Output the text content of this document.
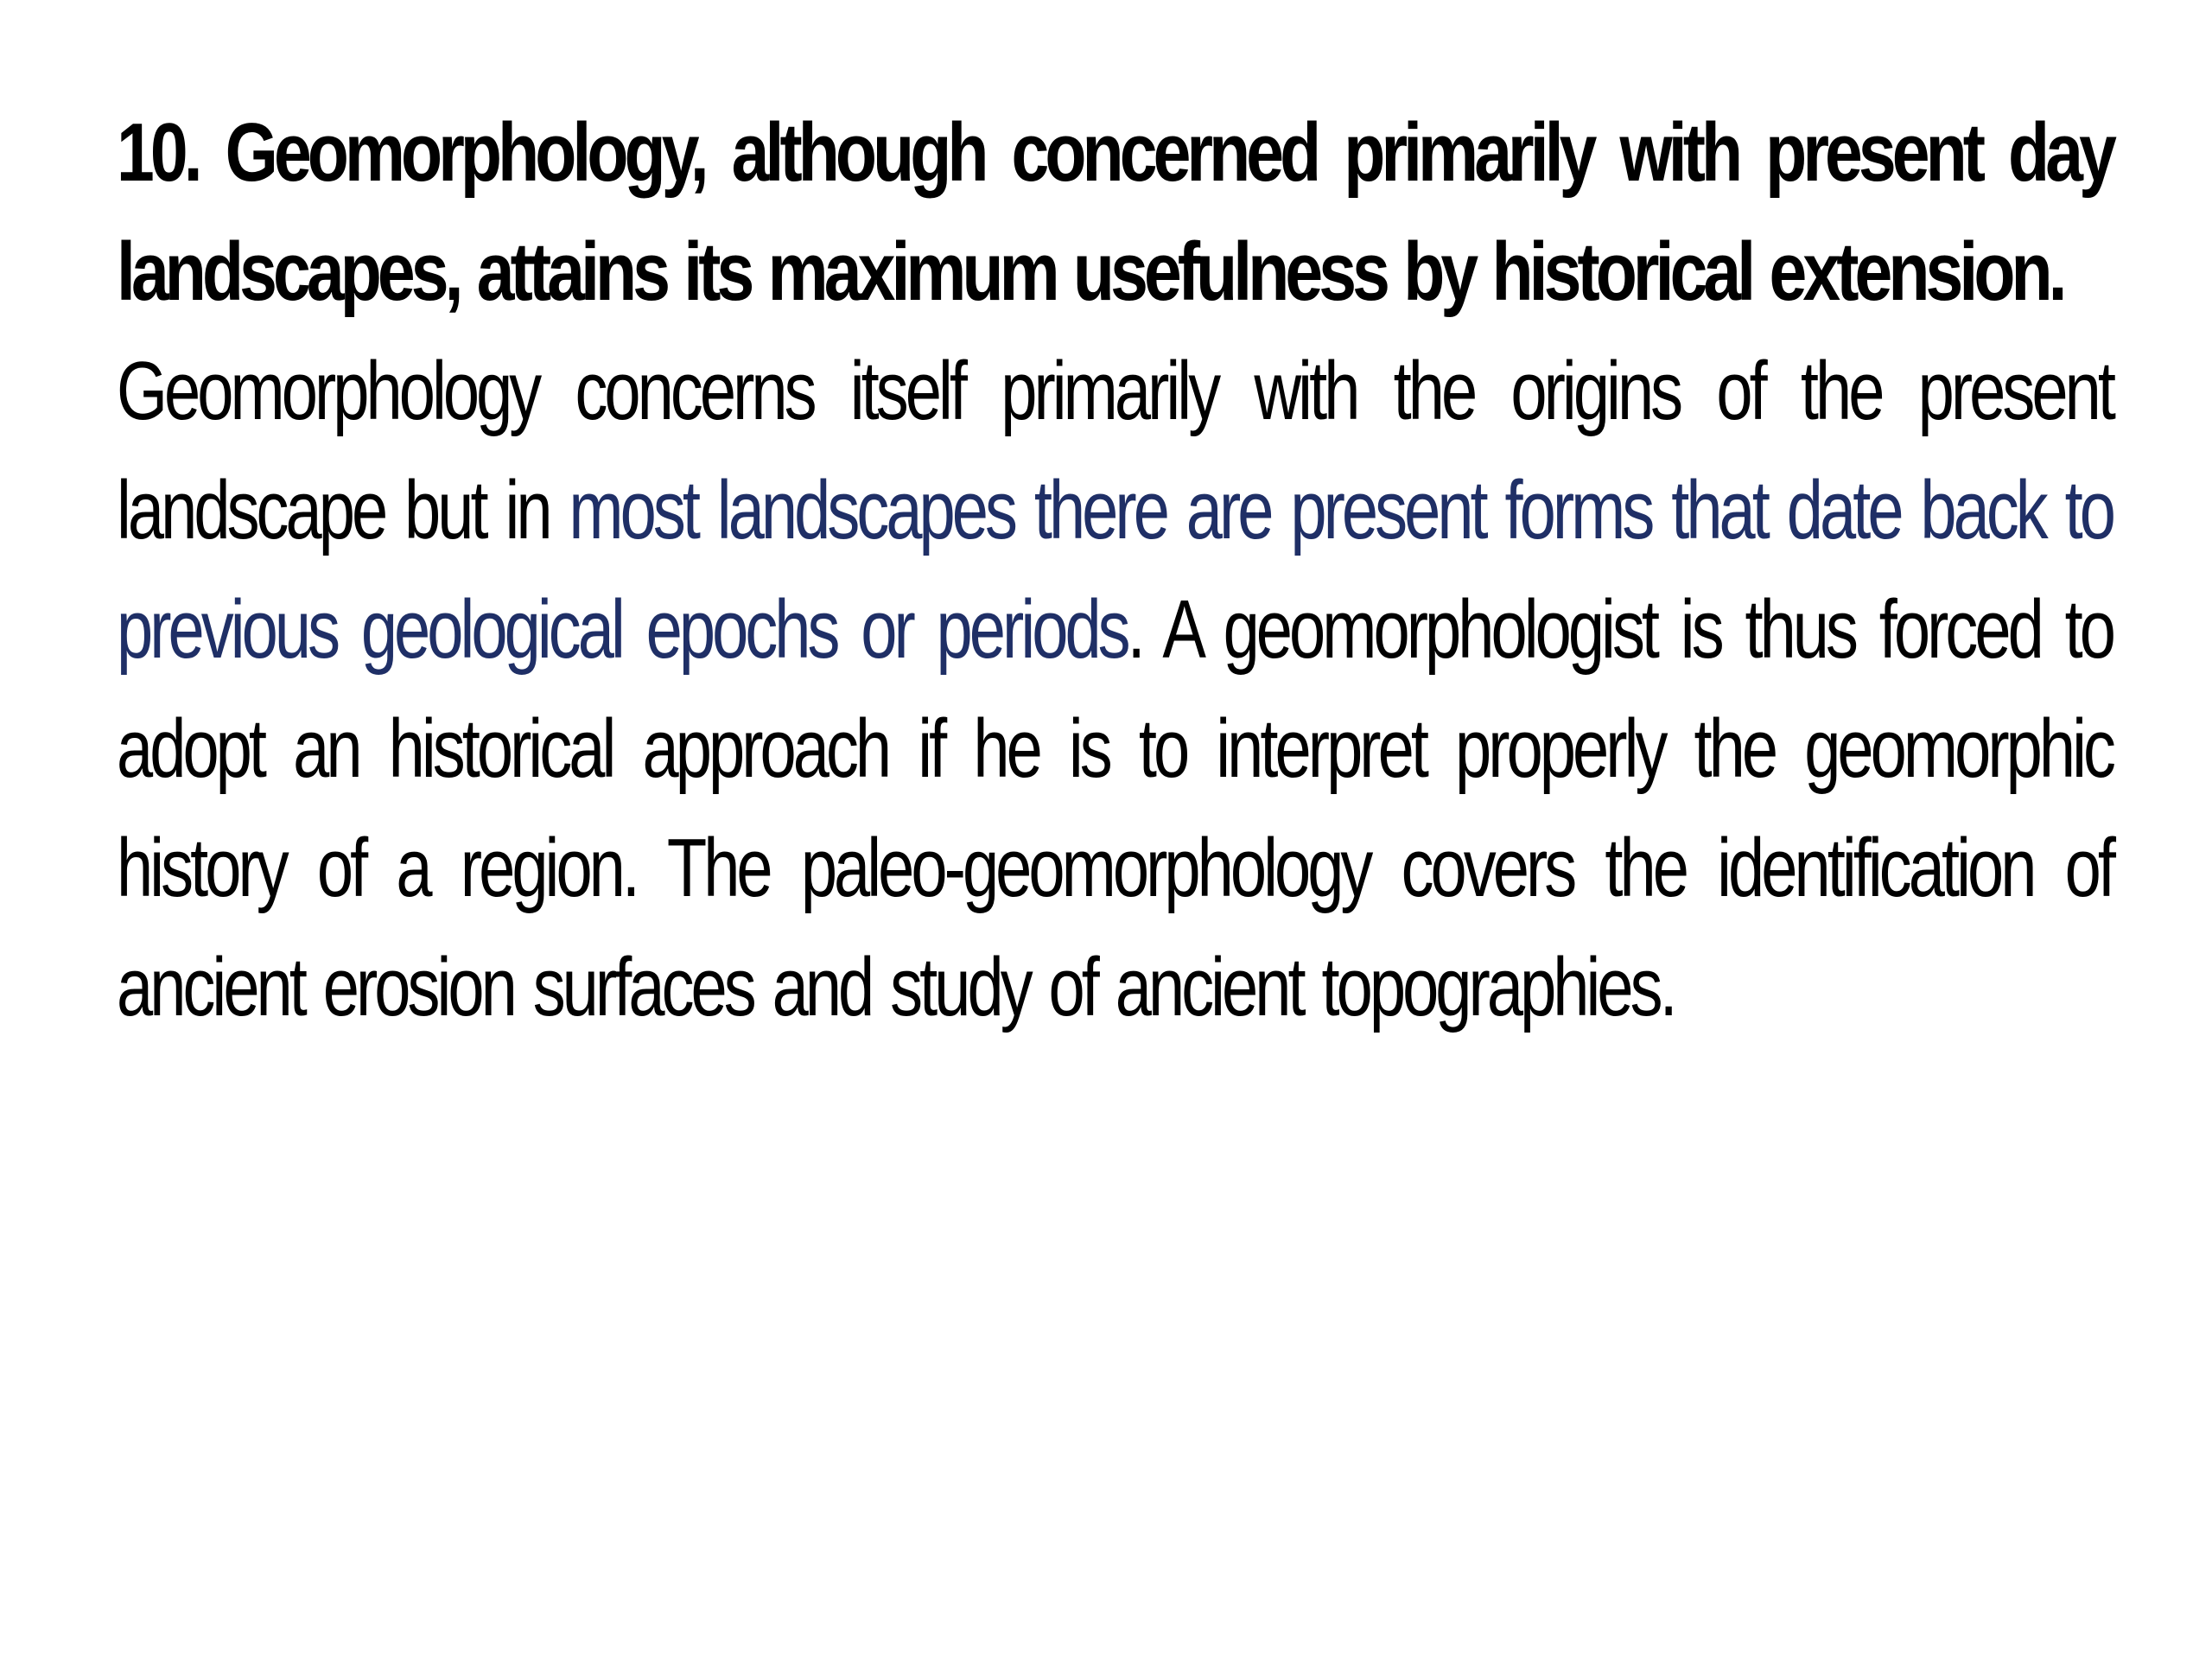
10. Geomorphology, although concerned primarily with present day landscapes, attains its maximum usefulness by historical extension.

Geomorphology concerns itself primarily with the origins of the present landscape but in most landscapes there are present forms that date back to previous geological epochs or periods. A geomorphologist is thus forced to adopt an historical approach if he is to interpret properly the geomorphic history of a region. The paleo-geomorphology covers the identification of ancient erosion surfaces and study of ancient topographies.
